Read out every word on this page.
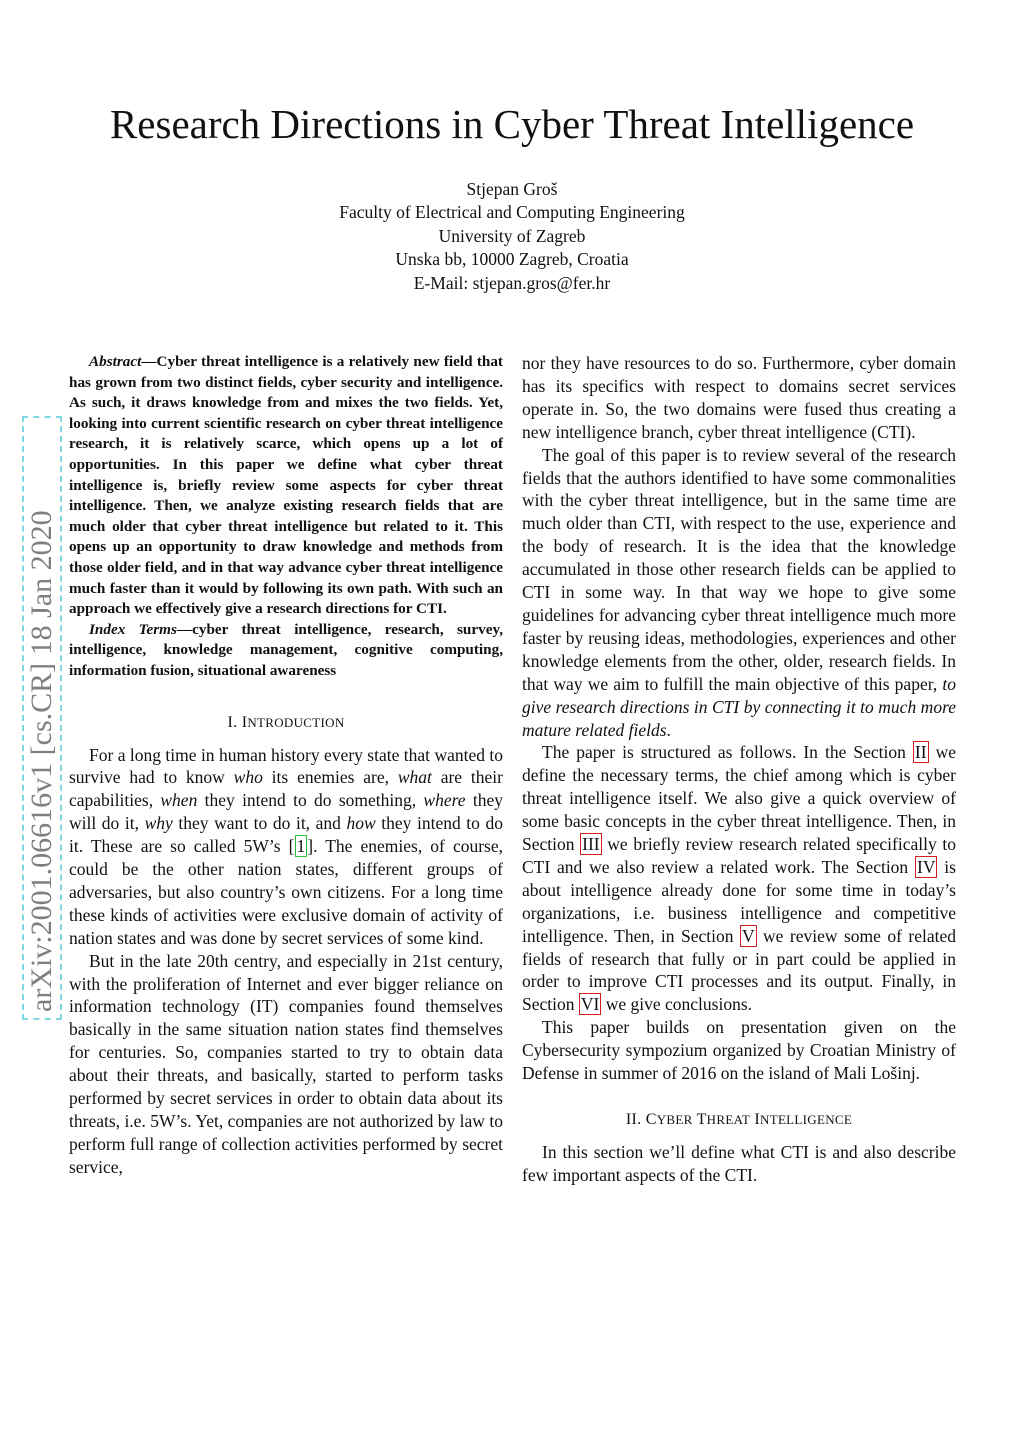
Research Directions in Cyber Threat Intelligence
Stjepan Groš
Faculty of Electrical and Computing Engineering
University of Zagreb
Unska bb, 10000 Zagreb, Croatia
E-Mail: stjepan.gros@fer.hr
arXiv:2001.06616v1 [cs.CR] 18 Jan 2020

Abstract—Cyber threat intelligence is a relatively new field that has grown from two distinct fields, cyber security and intelligence. As such, it draws knowledge from and mixes the two fields. Yet, looking into current scientific research on cyber threat intelligence research, it is relatively scarce, which opens up a lot of opportunities. In this paper we define what cyber threat intelligence is, briefly review some aspects for cyber threat intelligence. Then, we analyze existing research fields that are much older that cyber threat intelligence but related to it. This opens up an opportunity to draw knowledge and methods from those older field, and in that way advance cyber threat intelligence much faster than it would by following its own path. With such an approach we effectively give a research directions for CTI.

Index Terms—cyber threat intelligence, research, survey, intelligence, knowledge management, cognitive computing, information fusion, situational awareness

I. INTRODUCTION

For a long time in human history every state that wanted to survive had to know who its enemies are, what are their capabilities, when they intend to do something, where they will do it, why they want to do it, and how they intend to do it. These are so called 5W’s [ 1 ]. The enemies, of course, could be the other nation states, different groups of adversaries, but also country’s own citizens. For a long time these kinds of activities were exclusive domain of activity of nation states and was done by secret services of some kind.

But in the late 20th centry, and especially in 21st century, with the proliferation of Internet and ever bigger reliance on information technology (IT) companies found themselves basically in the same situation nation states find themselves for centuries. So, companies started to try to obtain data about their threats, and basically, started to perform tasks performed by secret services in order to obtain data about its threats, i.e. 5W’s. Yet, companies are not authorized by law to perform full range of collection activities performed by secret service,

nor they have resources to do so. Furthermore, cyber domain has its specifics with respect to domains secret services operate in. So, the two domains were fused thus creating a new intelligence branch, cyber threat intelligence (CTI).

The goal of this paper is to review several of the research fields that the authors identified to have some commonalities with the cyber threat intelligence, but in the same time are much older than CTI, with respect to the use, experience and the body of research. It is the idea that the knowledge accumulated in those other research fields can be applied to CTI in some way. In that way we hope to give some guidelines for advancing cyber threat intelligence much more faster by reusing ideas, methodologies, experiences and other knowledge elements from the other, older, research fields. In that way we aim to fulfill the main objective of this paper, to give research directions in CTI by connecting it to much more mature related fields.

The paper is structured as follows. In the Section II we define the necessary terms, the chief among which is cyber threat intelligence itself. We also give a quick overview of some basic concepts in the cyber threat intelligence. Then, in Section III we briefly review research related specifically to CTI and we also review a related work. The Section IV is about intelligence already done for some time in today’s organizations, i.e. business intelligence and competitive intelligence. Then, in Section V we review some of related fields of research that fully or in part could be applied in order to improve CTI processes and its output. Finally, in Section VI we give conclusions.

This paper builds on presentation given on the Cybersecurity sympozium organized by Croatian Ministry of Defense in summer of 2016 on the island of Mali Lošinj.

II. CYBER THREAT INTELLIGENCE

In this section we’ll define what CTI is and also describe few important aspects of the CTI.
